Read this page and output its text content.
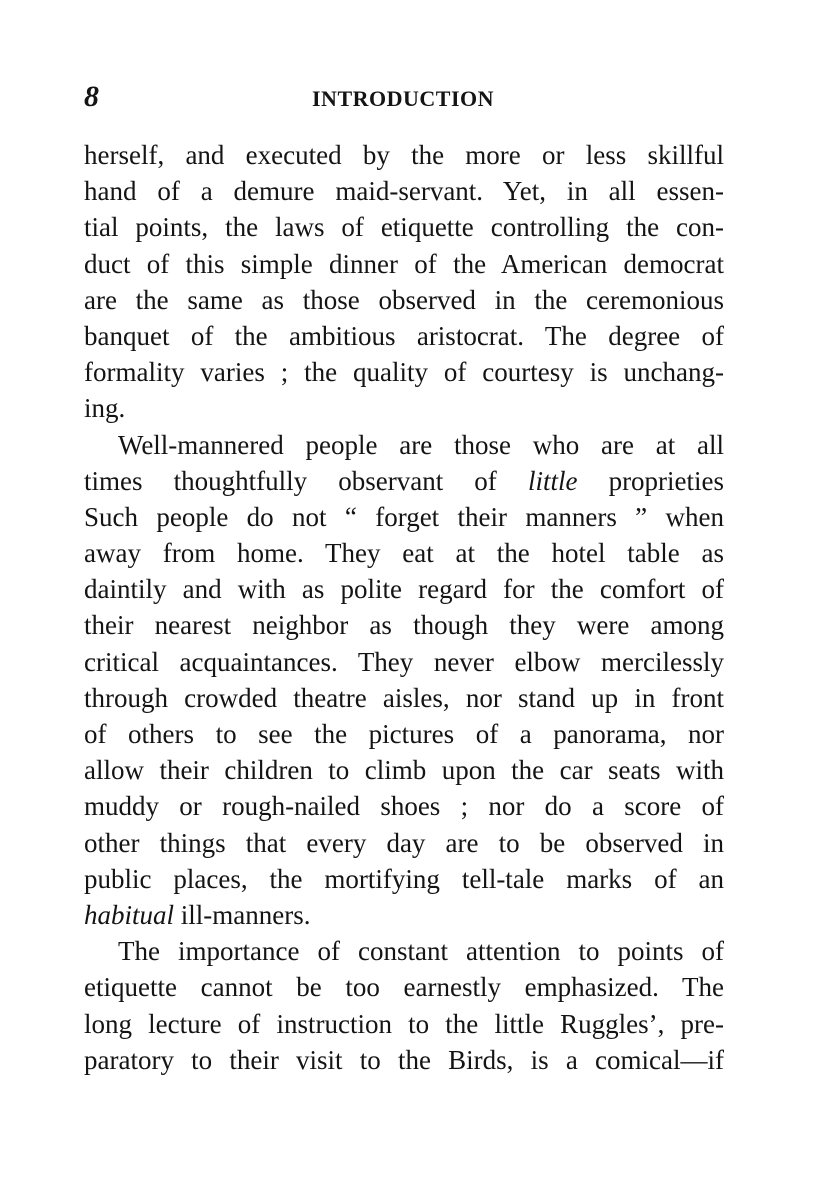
8	INTRODUCTION
herself, and executed by the more or less skillful
hand of a demure maid-servant. Yet, in all essen-
tial points, the laws of etiquette controlling the con-
duct of this simple dinner of the American democrat
are the same as those observed in the ceremonious
banquet of the ambitious aristocrat. The degree of
formality varies ; the quality of courtesy is unchang-
ing.
Well-mannered people are those who are at all
times thoughtfully observant of little proprieties
Such people do not “ forget their manners ” when
away from home. They eat at the hotel table as
daintily and with as polite regard for the comfort of
their nearest neighbor as though they were among
critical acquaintances. They never elbow mercilessly
through crowded theatre aisles, nor stand up in front
of others to see the pictures of a panorama, nor
allow their children to climb upon the car seats with
muddy or rough-nailed shoes ; nor do a score of
other things that every day are to be observed in
public places, the mortifying tell-tale marks of an
habitual ill-manners.
The importance of constant attention to points of
etiquette cannot be too earnestly emphasized. The
long lecture of instruction to the little Ruggles’, pre-
paratory to their visit to the Birds, is a comical—if
